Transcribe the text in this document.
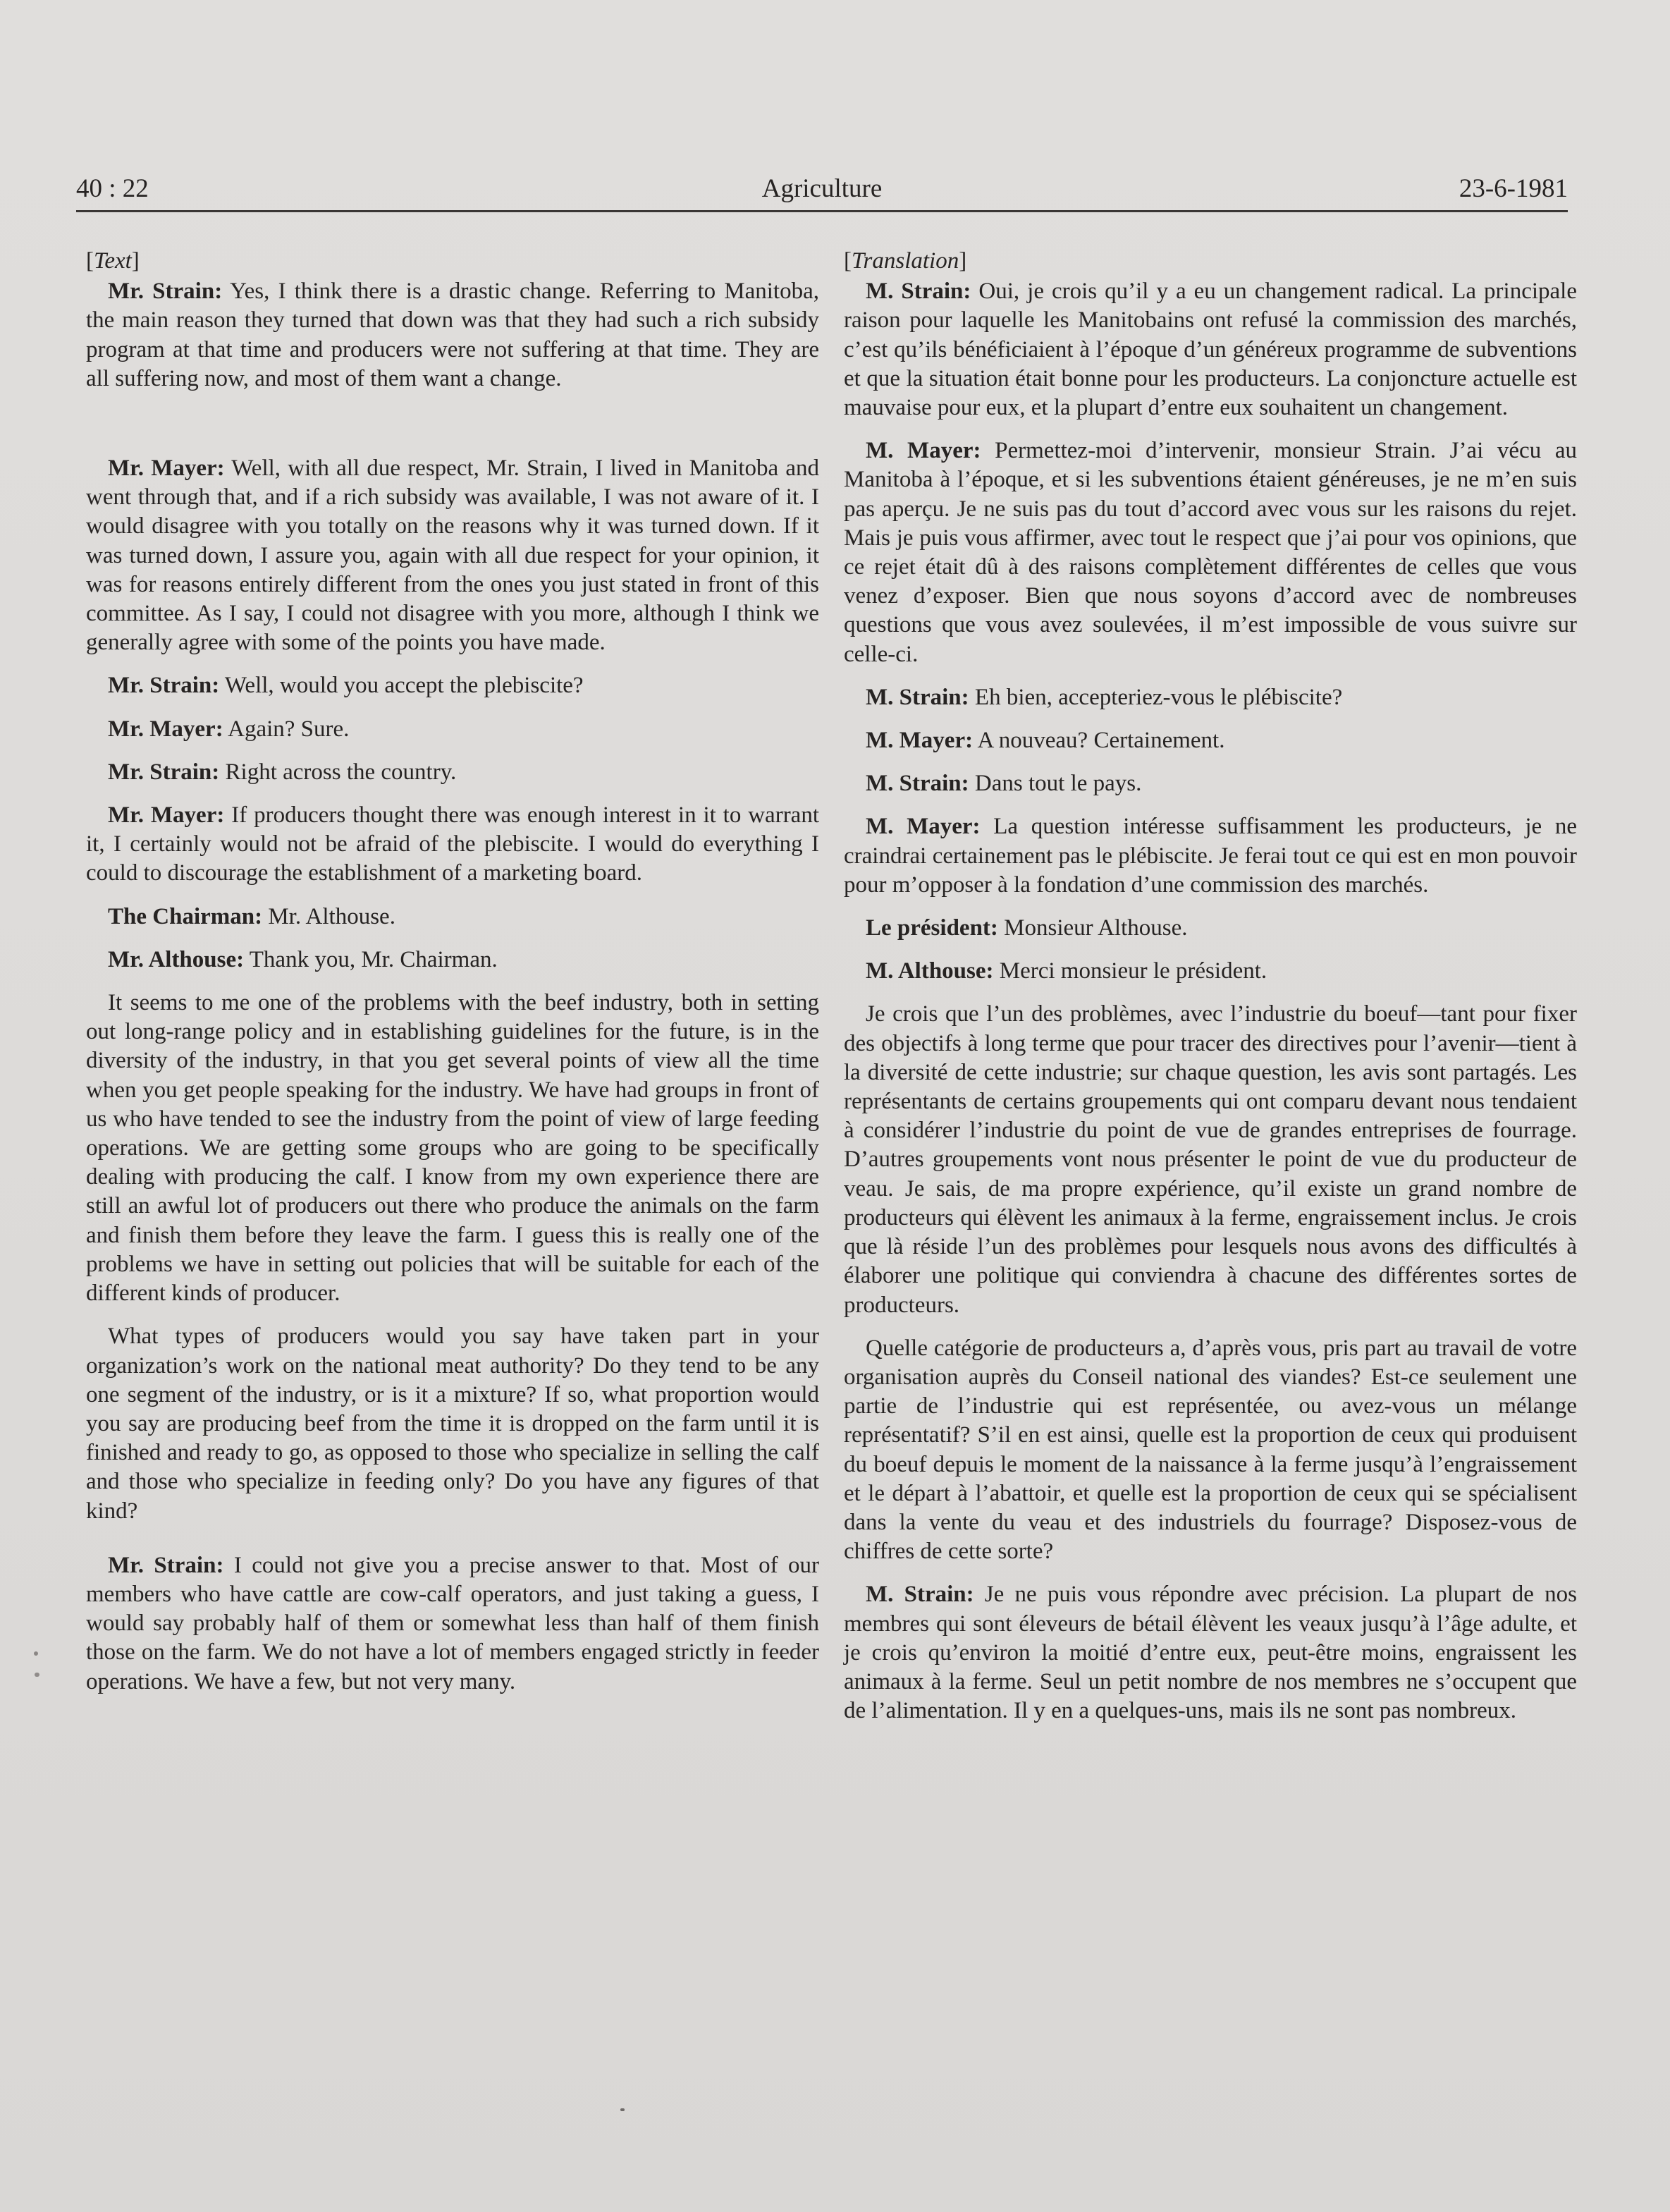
40 : 22	Agriculture	23-6-1981

[Text]

Mr. Strain: Yes, I think there is a drastic change. Referring to Manitoba, the main reason they turned that down was that they had such a rich subsidy program at that time and producers were not suffering at that time. They are all suffering now, and most of them want a change.

Mr. Mayer: Well, with all due respect, Mr. Strain, I lived in Manitoba and went through that, and if a rich subsidy was available, I was not aware of it. I would disagree with you totally on the reasons why it was turned down. If it was turned down, I assure you, again with all due respect for your opinion, it was for reasons entirely different from the ones you just stated in front of this committee. As I say, I could not disagree with you more, although I think we generally agree with some of the points you have made.

Mr. Strain: Well, would you accept the plebiscite?

Mr. Mayer: Again? Sure.

Mr. Strain: Right across the country.

Mr. Mayer: If producers thought there was enough interest in it to warrant it, I certainly would not be afraid of the plebiscite. I would do everything I could to discourage the establishment of a marketing board.

The Chairman: Mr. Althouse.

Mr. Althouse: Thank you, Mr. Chairman.

It seems to me one of the problems with the beef industry, both in setting out long-range policy and in establishing guidelines for the future, is in the diversity of the industry, in that you get several points of view all the time when you get people speaking for the industry. We have had groups in front of us who have tended to see the industry from the point of view of large feeding operations. We are getting some groups who are going to be specifically dealing with producing the calf. I know from my own experience there are still an awful lot of producers out there who produce the animals on the farm and finish them before they leave the farm. I guess this is really one of the problems we have in setting out policies that will be suitable for each of the different kinds of producer.

What types of producers would you say have taken part in your organization’s work on the national meat authority? Do they tend to be any one segment of the industry, or is it a mixture? If so, what proportion would you say are producing beef from the time it is dropped on the farm until it is finished and ready to go, as opposed to those who specialize in selling the calf and those who specialize in feeding only? Do you have any figures of that kind?

Mr. Strain: I could not give you a precise answer to that. Most of our members who have cattle are cow-calf operators, and just taking a guess, I would say probably half of them or somewhat less than half of them finish those on the farm. We do not have a lot of members engaged strictly in feeder operations. We have a few, but not very many.

[Translation]

M. Strain: Oui, je crois qu’il y a eu un changement radical. La principale raison pour laquelle les Manitobains ont refusé la commission des marchés, c’est qu’ils bénéficiaient à l’époque d’un généreux programme de subventions et que la situation était bonne pour les producteurs. La conjoncture actuelle est mauvaise pour eux, et la plupart d’entre eux souhaitent un changement.

M. Mayer: Permettez-moi d’intervenir, monsieur Strain. J’ai vécu au Manitoba à l’époque, et si les subventions étaient généreuses, je ne m’en suis pas aperçu. Je ne suis pas du tout d’accord avec vous sur les raisons du rejet. Mais je puis vous affirmer, avec tout le respect que j’ai pour vos opinions, que ce rejet était dû à des raisons complètement différentes de celles que vous venez d’exposer. Bien que nous soyons d’accord avec de nombreuses questions que vous avez soulevées, il m’est impossible de vous suivre sur celle-ci.

M. Strain: Eh bien, accepteriez-vous le plébiscite?

M. Mayer: A nouveau? Certainement.

M. Strain: Dans tout le pays.

M. Mayer: La question intéresse suffisamment les producteurs, je ne craindrai certainement pas le plébiscite. Je ferai tout ce qui est en mon pouvoir pour m’opposer à la fondation d’une commission des marchés.

Le président: Monsieur Althouse.

M. Althouse: Merci monsieur le président.

Je crois que l’un des problèmes, avec l’industrie du boeuf—tant pour fixer des objectifs à long terme que pour tracer des directives pour l’avenir—tient à la diversité de cette industrie; sur chaque question, les avis sont partagés. Les représentants de certains groupements qui ont comparu devant nous tendaient à considérer l’industrie du point de vue de grandes entreprises de fourrage. D’autres groupements vont nous présenter le point de vue du producteur de veau. Je sais, de ma propre expérience, qu’il existe un grand nombre de producteurs qui élèvent les animaux à la ferme, engraissement inclus. Je crois que là réside l’un des problèmes pour lesquels nous avons des difficultés à élaborer une politique qui conviendra à chacune des différentes sortes de producteurs.

Quelle catégorie de producteurs a, d’après vous, pris part au travail de votre organisation auprès du Conseil national des viandes? Est-ce seulement une partie de l’industrie qui est représentée, ou avez-vous un mélange représentatif? S’il en est ainsi, quelle est la proportion de ceux qui produisent du boeuf depuis le moment de la naissance à la ferme jusqu’à l’engraissement et le départ à l’abattoir, et quelle est la proportion de ceux qui se spécialisent dans la vente du veau et des industriels du fourrage? Disposez-vous de chiffres de cette sorte?

M. Strain: Je ne puis vous répondre avec précision. La plupart de nos membres qui sont éleveurs de bétail élèvent les veaux jusqu’à l’âge adulte, et je crois qu’environ la moitié d’entre eux, peut-être moins, engraissent les animaux à la ferme. Seul un petit nombre de nos membres ne s’occupent que de l’alimentation. Il y en a quelques-uns, mais ils ne sont pas nombreux.
